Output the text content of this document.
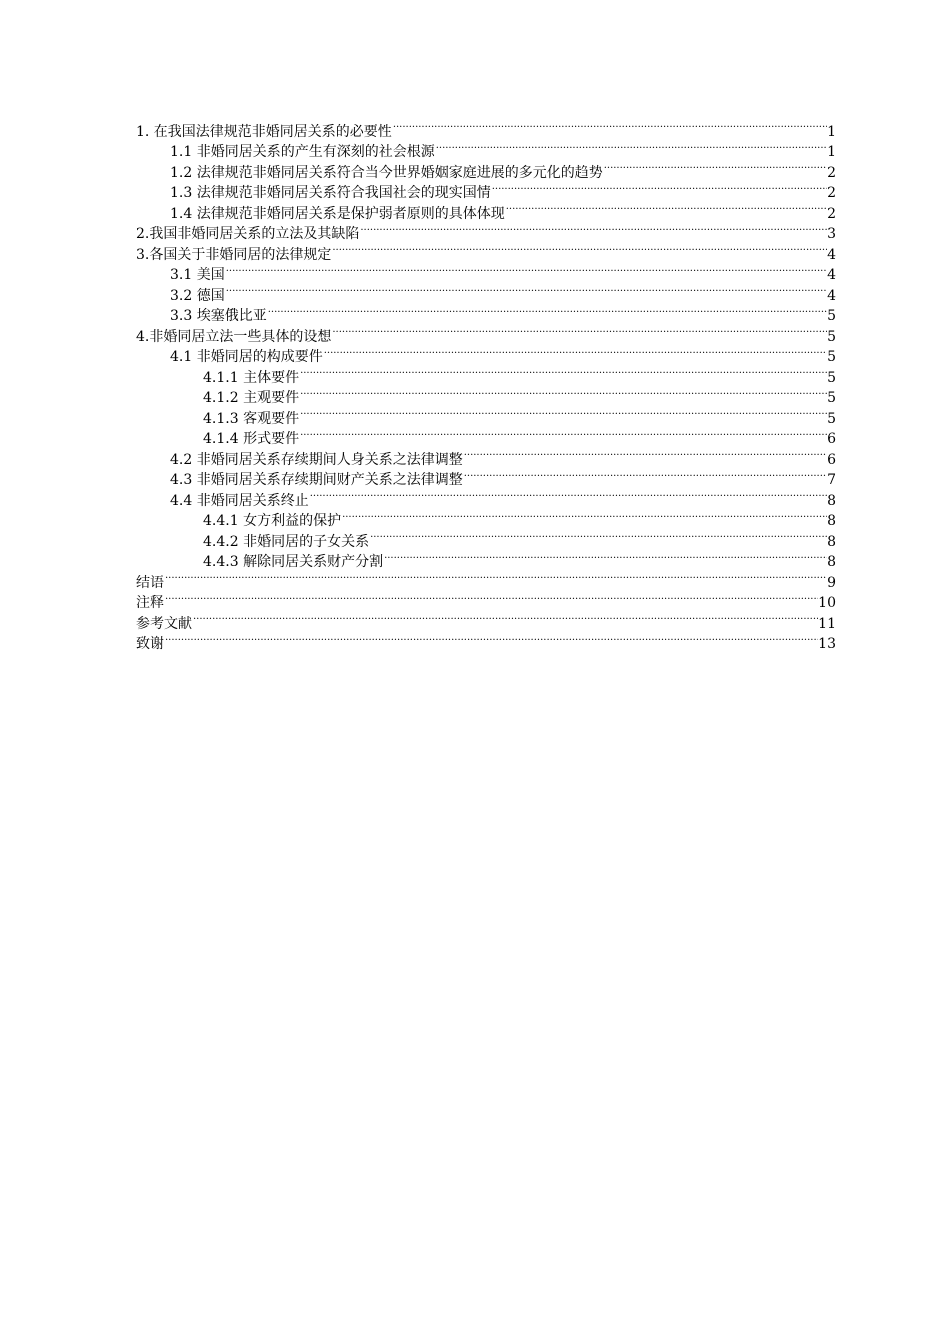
1. 在我国法律规范非婚同居关系的必要性 .....	1
1.1 非婚同居关系的产生有深刻的社会根源 .....	1
1.2 法律规范非婚同居关系符合当今世界婚姻家庭进展的多元化的趋势 .....	2
1.3 法律规范非婚同居关系符合我国社会的现实国情 .....	2
1.4 法律规范非婚同居关系是保护弱者原则的具体体现 .....	2
2.我国非婚同居关系的立法及其缺陷 .....	3
3.各国关于非婚同居的法律规定 .....	4
3.1 美国 .....	4
3.2 德国 .....	4
3.3 埃塞俄比亚 .....	5
4.非婚同居立法一些具体的设想 .....	5
4.1 非婚同居的构成要件 .....	5
4.1.1 主体要件 .....	5
4.1.2 主观要件 .....	5
4.1.3 客观要件 .....	5
4.1.4 形式要件 .....	6
4.2 非婚同居关系存续期间人身关系之法律调整 .....	6
4.3 非婚同居关系存续期间财产关系之法律调整 .....	7
4.4 非婚同居关系终止 .....	8
4.4.1 女方利益的保护 .....	8
4.4.2 非婚同居的子女关系 .....	8
4.4.3 解除同居关系财产分割 .....	8
结语 .....	9
注释 .....	10
参考文献 .....	11
致谢 .....	13
